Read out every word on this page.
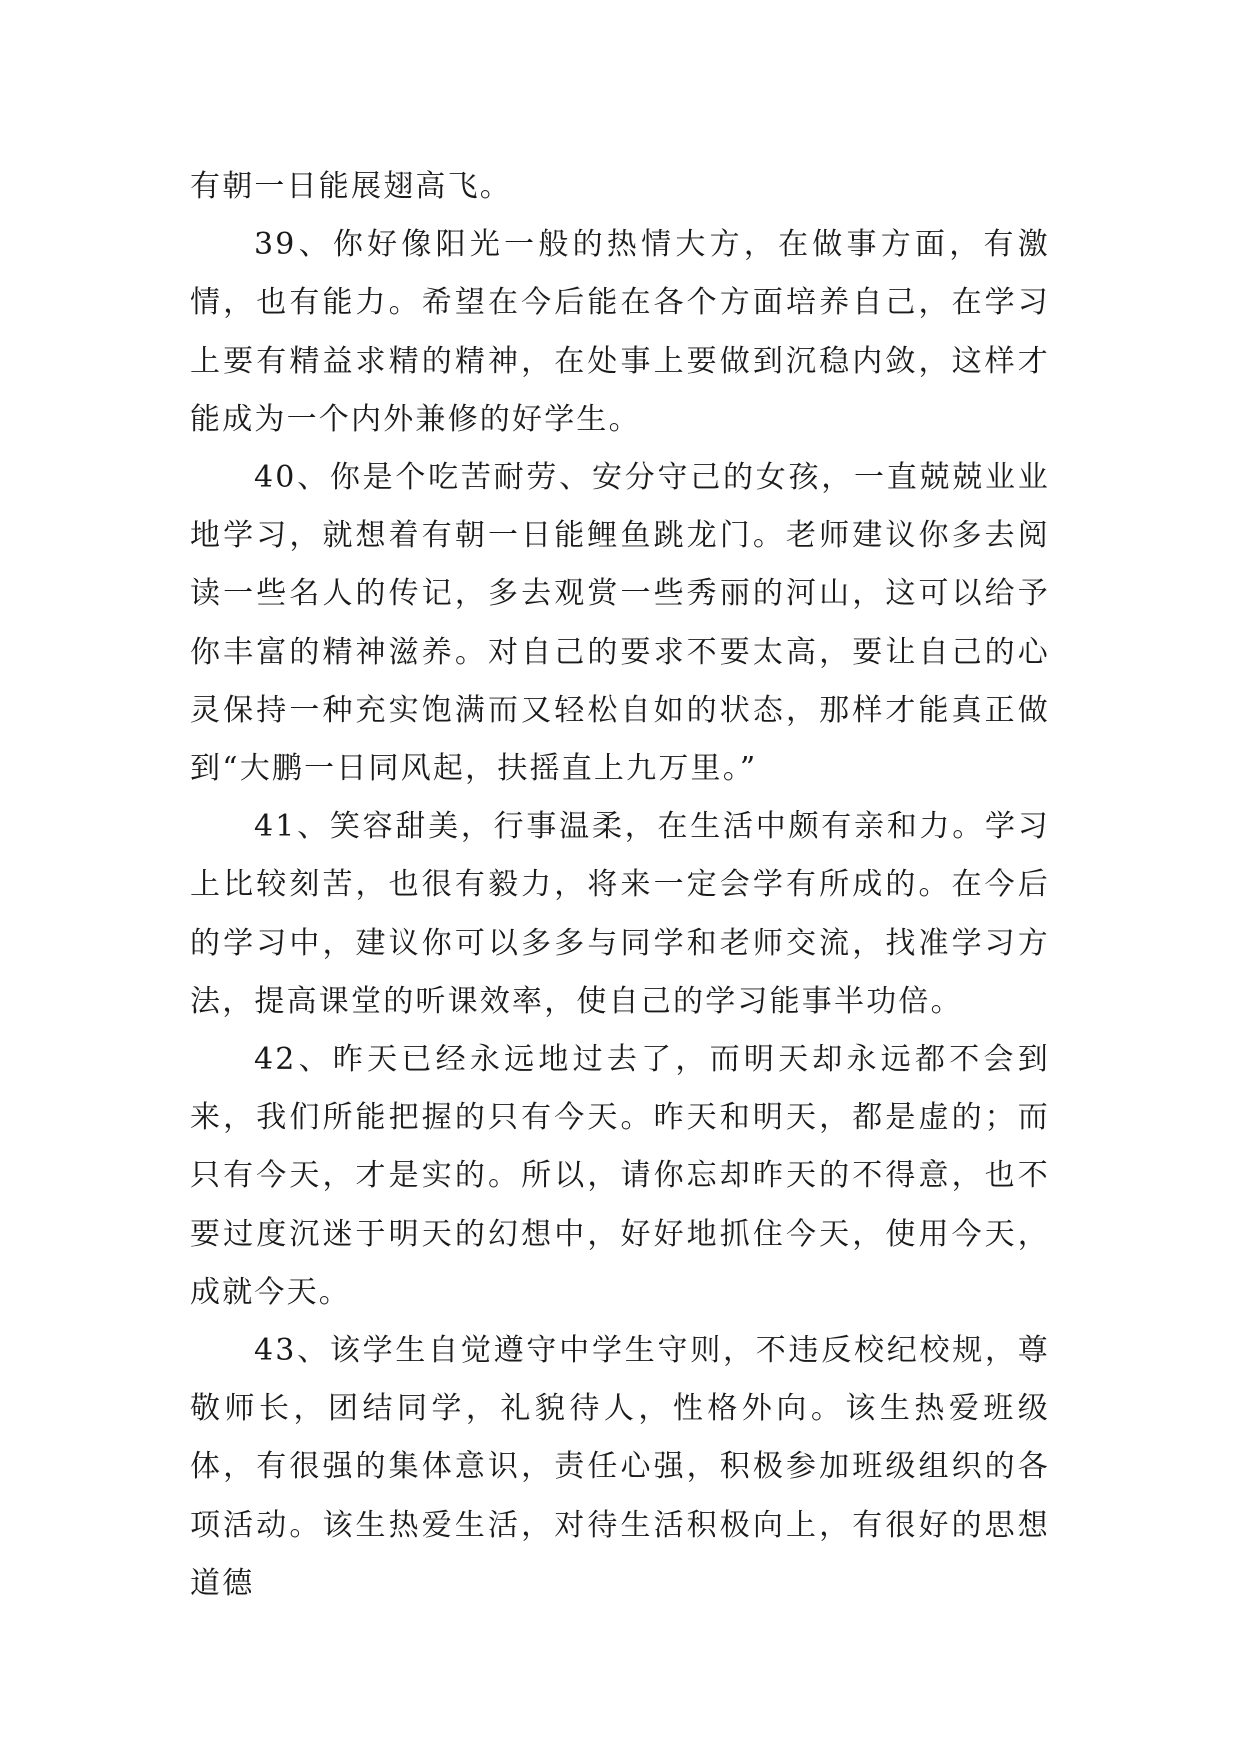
有朝一日能展翅高飞。

39、你好像阳光一般的热情大方，在做事方面，有激情，也有能力。希望在今后能在各个方面培养自己，在学习上要有精益求精的精神，在处事上要做到沉稳内敛，这样才能成为一个内外兼修的好学生。

40、你是个吃苦耐劳、安分守己的女孩，一直兢兢业业地学习，就想着有朝一日能鲤鱼跳龙门。老师建议你多去阅读一些名人的传记，多去观赏一些秀丽的河山，这可以给予你丰富的精神滋养。对自己的要求不要太高，要让自己的心灵保持一种充实饱满而又轻松自如的状态，那样才能真正做到“大鹏一日同风起，扶摇直上九万里。”

41、笑容甜美，行事温柔，在生活中颇有亲和力。学习上比较刻苦，也很有毅力，将来一定会学有所成的。在今后的学习中，建议你可以多多与同学和老师交流，找准学习方法，提高课堂的听课效率，使自己的学习能事半功倍。

42、昨天已经永远地过去了，而明天却永远都不会到来，我们所能把握的只有今天。昨天和明天，都是虚的；而只有今天，才是实的。所以，请你忘却昨天的不得意，也不要过度沉迷于明天的幻想中，好好地抓住今天，使用今天，成就今天。

43、该学生自觉遵守中学生守则，不违反校纪校规，尊敬师长，团结同学，礼貌待人，性格外向。该生热爱班级体，有很强的集体意识，责任心强，积极参加班级组织的各项活动。该生热爱生活，对待生活积极向上，有很好的思想道德
